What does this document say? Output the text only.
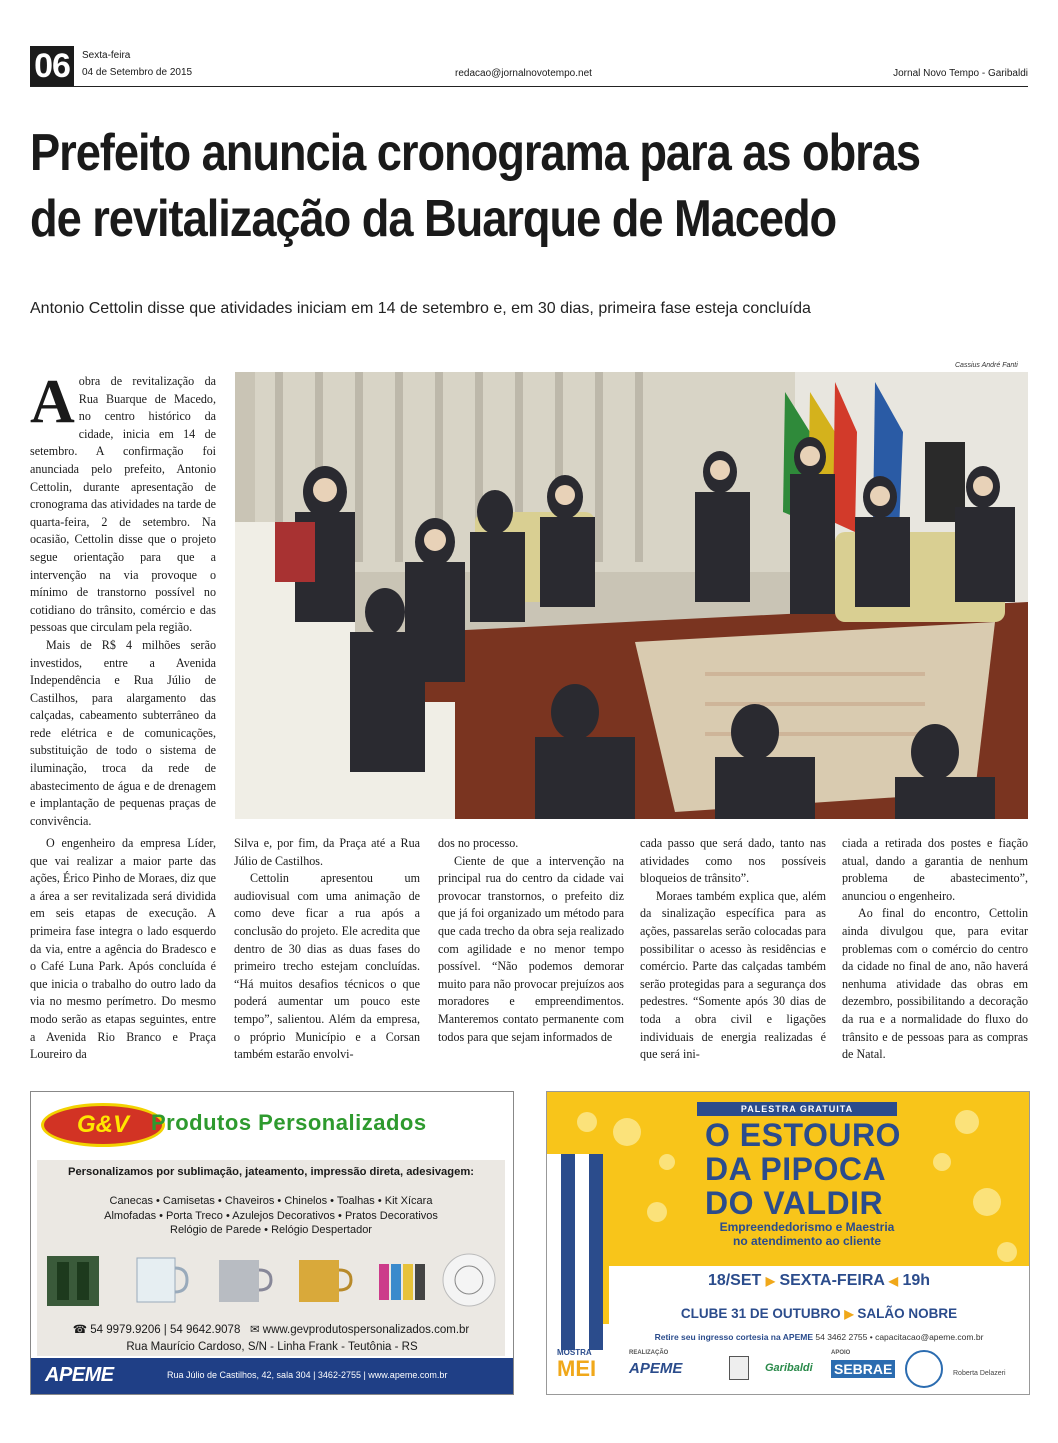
06	Sexta-feira
04 de Setembro de 2015	redacao@jornalnovotempo.net	Jornal Novo Tempo - Garibaldi
Prefeito anuncia cronograma para as obras
de revitalização da Buarque de Macedo
Antonio Cettolin disse que atividades iniciam em 14 de setembro e, em 30 dias, primeira fase esteja concluída
Cassius André Fanti
A obra de revitalização da Rua Buarque de Macedo, no centro histórico da cidade, inicia em 14 de setembro. A confirmação foi anunciada pelo prefeito, Antonio Cettolin, durante apresentação de cronograma das atividades na tarde de quarta-feira, 2 de setembro. Na ocasião, Cettolin disse que o projeto segue orientação para que a intervenção na via provoque o mínimo de transtorno possível no cotidiano do trânsito, comércio e das pessoas que circulam pela região.

Mais de R$ 4 milhões serão investidos, entre a Avenida Independência e Rua Júlio de Castilhos, para alargamento das calçadas, cabeamento subterrâneo da rede elétrica e de comunicações, substituição de todo o sistema de iluminação, troca da rede de abastecimento de água e de drenagem e implantação de pequenas praças de convivência.

O engenheiro da empresa Líder, que vai realizar a maior parte das ações, Érico Pinho de Moraes, diz que a área a ser revitalizada será dividida em seis etapas de execução. A primeira fase integra o lado esquerdo da via, entre a agência do Bradesco e o Café Luna Park. Após concluída é que inicia o trabalho do outro lado da via no mesmo perímetro. Do mesmo modo serão as etapas seguintes, entre a Avenida Rio Branco e Praça Loureiro da

Silva e, por fim, da Praça até a Rua Júlio de Castilhos.

Cettolin apresentou um audiovisual com uma animação de como deve ficar a rua após a conclusão do projeto. Ele acredita que dentro de 30 dias as duas fases do primeiro trecho estejam concluídas. “Há muitos desafios técnicos o que poderá aumentar um pouco este tempo”, salientou. Além da empresa, o próprio Município e a Corsan também estarão envolvi-

dos no processo.

Ciente de que a intervenção na principal rua do centro da cidade vai provocar transtornos, o prefeito diz que já foi organizado um método para que cada trecho da obra seja realizado com agilidade e no menor tempo possível. “Não podemos demorar muito para não provocar prejuízos aos moradores e empreendimentos. Manteremos contato permanente com todos para que sejam informados de

cada passo que será dado, tanto nas atividades como nos possíveis bloqueios de trânsito”.

Moraes também explica que, além da sinalização específica para as ações, passarelas serão colocadas para possibilitar o acesso às residências e comércio. Parte das calçadas também serão protegidas para a segurança dos pedestres. “Somente após 30 dias de toda a obra civil e ligações individuais de energia realizadas é que será ini-

ciada a retirada dos postes e fiação atual, dando a garantia de nenhum problema de abastecimento”, anunciou o engenheiro.

Ao final do encontro, Cettolin ainda divulgou que, para evitar problemas com o comércio do centro da cidade no final de ano, não haverá nenhuma atividade das obras em dezembro, possibilitando a decoração da rua e a normalidade do fluxo do trânsito e de pessoas para as compras de Natal.

G&V	Produtos Personalizados
Personalizamos por sublimação, jateamento, impressão direta, adesivagem:
Canecas • Camisetas • Chaveiros • Chinelos • Toalhas • Kit Xícara
Almofadas • Porta Treco • Azulejos Decorativos • Pratos Decorativos
Relógio de Parede • Relógio Despertador
☎ 54 9979.9206 | 54 9642.9078 ✉ www.gevprodutospersonalizados.com.br
Rua Maurício Cardoso, S/N - Linha Frank - Teutônia - RS
APEME	Rua Júlio de Castilhos, 42, sala 304 | 3462-2755 | www.apeme.com.br
PALESTRA GRATUITA
O ESTOURO
DA PIPOCA
DO VALDIR
Empreendedorismo e Maestria
no atendimento ao cliente
18/SET ▶ SEXTA-FEIRA ◀ 19h
CLUBE 31 DE OUTUBRO ▶ SALÃO NOBRE
Retire seu ingresso cortesia na APEME 54 3462 2755 • capacitacao@apeme.com.br
MOSTRA
MEI
REALIZAÇÃO
APEME	Garibaldi
APOIO
SEBRAE	Roberta Delazeri
